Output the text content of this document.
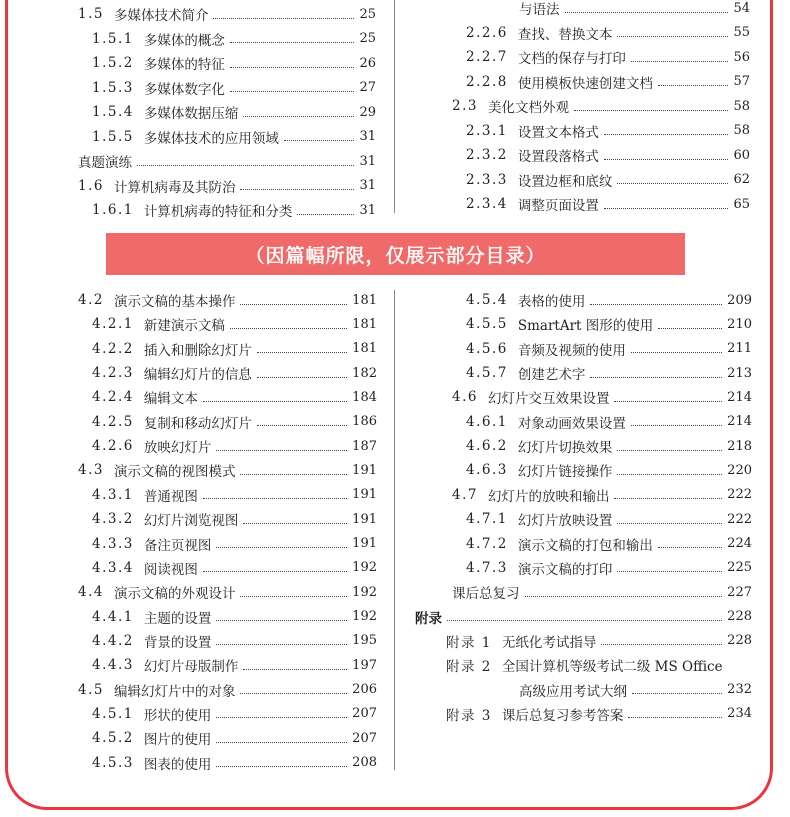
（因篇幅所限，仅展示部分目录）
1.5 多媒体技术简介	25
1.5.1 多媒体的概念	25
1.5.2 多媒体的特征	26
1.5.3 多媒体数字化	27
1.5.4 多媒体数据压缩	29
1.5.5 多媒体技术的应用领域	31
真题演练	31
1.6 计算机病毒及其防治	31
1.6.1 计算机病毒的特征和分类	31
与语法	54
2.2.6 查找、替换文本	55
2.2.7 文档的保存与打印	56
2.2.8 使用模板快速创建文档	57
2.3 美化文档外观	58
2.3.1 设置文本格式	58
2.3.2 设置段落格式	60
2.3.3 设置边框和底纹	62
2.3.4 调整页面设置	65
4.2 演示文稿的基本操作	181
4.2.1 新建演示文稿	181
4.2.2 插入和删除幻灯片	181
4.2.3 编辑幻灯片的信息	182
4.2.4 编辑文本	184
4.2.5 复制和移动幻灯片	186
4.2.6 放映幻灯片	187
4.3 演示文稿的视图模式	191
4.3.1 普通视图	191
4.3.2 幻灯片浏览视图	191
4.3.3 备注页视图	191
4.3.4 阅读视图	192
4.4 演示文稿的外观设计	192
4.4.1 主题的设置	192
4.4.2 背景的设置	195
4.4.3 幻灯片母版制作	197
4.5 编辑幻灯片中的对象	206
4.5.1 形状的使用	207
4.5.2 图片的使用	207
4.5.3 图表的使用	208
4.5.4 表格的使用	209
4.5.5 SmartArt 图形的使用	210
4.5.6 音频及视频的使用	211
4.5.7 创建艺术字	213
4.6 幻灯片交互效果设置	214
4.6.1 对象动画效果设置	214
4.6.2 幻灯片切换效果	218
4.6.3 幻灯片链接操作	220
4.7 幻灯片的放映和输出	222
4.7.1 幻灯片放映设置	222
4.7.2 演示文稿的打包和输出	224
4.7.3 演示文稿的打印	225
课后总复习	227
附录	228
附录 1 无纸化考试指导	228
附录 2 全国计算机等级考试二级 MS Office
高级应用考试大纲	232
附录 3 课后总复习参考答案	234
